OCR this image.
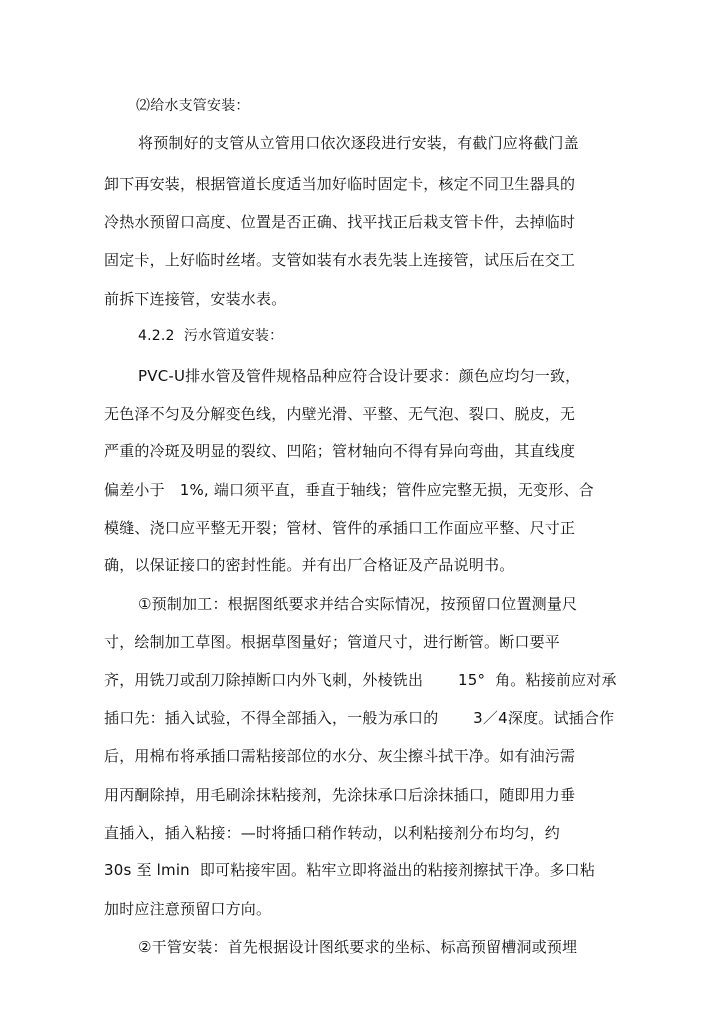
⑵给水支管安装：
将预制好的支管从立管用口依次逐段进行安装，有截门应将截门盖
卸下再安装，根据管道长度适当加好临时固定卡，核定不同卫生器具的
冷热水预留口高度、位置是否正确、找平找正后栽支管卡件，去掉临时
固定卡，上好临时丝堵。支管如装有水表先装上连接管，试压后在交工
前拆下连接管，安装水表。
4.2.2  污水管道安装：
PVC-U排水管及管件规格品种应符合设计要求：颜色应均匀一致，
无色泽不匀及分解变色线，内壁光滑、平整、无气泡、裂口、脱皮，无
严重的冷斑及明显的裂纹、凹陷；管材轴向不得有异向弯曲，其直线度
偏差小于   1%, 端口须平直，垂直于轴线；管件应完整无损，无变形、合
模缝、浇口应平整无开裂；管材、管件的承插口工作面应平整、尺寸正
确，以保证接口的密封性能。并有出厂合格证及产品说明书。
①预制加工：根据图纸要求并结合实际情况，按预留口位置测量尺
寸，绘制加工草图。根据草图量好；管道尺寸，进行断管。断口要平
齐，用铣刀或刮刀除掉断口内外飞刺，外棱铣出       15°  角。粘接前应对承
插口先：插入试验，不得全部插入，一般为承口的       3／4深度。试插合作
后，用棉布将承插口需粘接部位的水分、灰尘擦斗拭干净。如有油污需
用丙酮除掉，用毛刷涂抹粘接剂，先涂抹承口后涂抹插口，随即用力垂
直插入，插入粘接：—时将插口稍作转动，以利粘接剂分布均匀，约
30s 至 lmin  即可粘接牢固。粘牢立即将溢出的粘接剂擦拭干净。多口粘
加时应注意预留口方向。
②干管安装：首先根据设计图纸要求的坐标、标高预留槽洞或预埋
